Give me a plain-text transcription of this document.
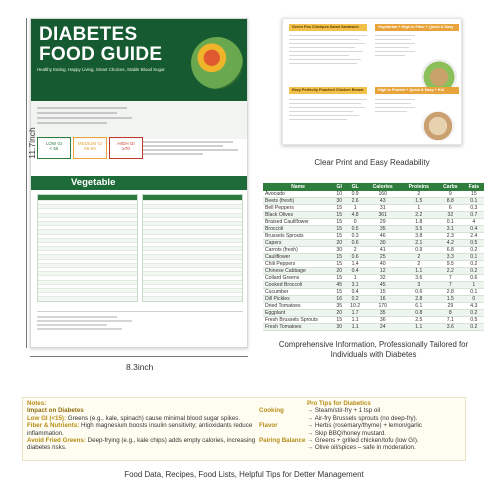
DIABETES
FOOD GUIDE
Healthy Eating, Happy Living, Smart Choices, Stable Blood Sugar
LOW GI
< 55
MEDIUM GI
56-69
HIGH GI
≥70
Vegetable
11.7inch
8.3inch
Green Pea Chickpea Salad Sandwich	Vegetarian + High in Fiber + Quick & Easy
Easy Perfectly Poached Chicken Breast	High In Protein + Quick & Easy + Kid Friendly
Clear Print and Easy Readability
Name	GI	GL	Calories	Proteins	Carbs	Fats
Avocado	10	0.9	160	2	9	15
Beets (fresh)	30	2.6	43	1.5	8.8	0.1
Bell Peppers	15	1	31	1	6	0.3
Black Olives	15	4.8	361	2.2	32	0.7
Braised Cauliflower	15	0	29	1.8	0.1	4
Broccoli	15	0.5	35	3.5	3.1	0.4
Brussels Sprouts	15	0.3	46	3.8	2.3	2.4
Capers	20	0.6	30	2.1	4.2	0.5
Carrots (fresh)	30	2	41	0.9	6.8	0.2
Cauliflower	15	0.6	25	2	3.3	0.1
Chili Peppers	15	1.4	40	2	9.5	0.2
Chinese Cabbage	20	0.4	12	1.1	2.2	0.2
Collard Greens	15	1	32	3.6	7	0.6
Cooked Broccoli	45	3.1	45	3	7	1
Cucumber	15	0.4	15	0.6	2.8	0.1
Dill Pickles	16	0.2	16	2.8	1.5	0
Dried Tomatoes	35	10.2	170	6.1	29	4.3
Eggplant	20	1.7	35	0.8	8	0.2
Fresh Brussels Sprouts	15	1.1	36	2.5	7.1	0.5
Fresh Tomatoes	30	1.1	24	1.1	3.6	0.2
Comprehensive Information, Professionally Tailored for Individuals with Diabetes
Notes:
Impact on Diabetes
Low GI (<15): Greens (e.g., kale, spinach) cause minimal blood sugar spikes.
Fiber & Nutrients: High magnesium boosts insulin sensitivity; antioxidants reduce inflammation.
Avoid Fried Greens: Deep-frying (e.g., kale chips) adds empty calories, increasing diabetes risks.
Pro Tips for Diabetics
Cooking	→ Steam/stir-fry + 1 tsp oil
→ Air-fry Brussels sprouts (no deep-fry).
Flavor	→ Herbs (rosemary/thyme) + lemon/garlic
→ Skip BBQ/honey mustard.
Pairing Balance → Greens + grilled chicken/tofu (low GI).
→ Olive oil/spices – safe in moderation.
Food Data, Recipes, Food Lists, Helpful Tips for Detter Management
